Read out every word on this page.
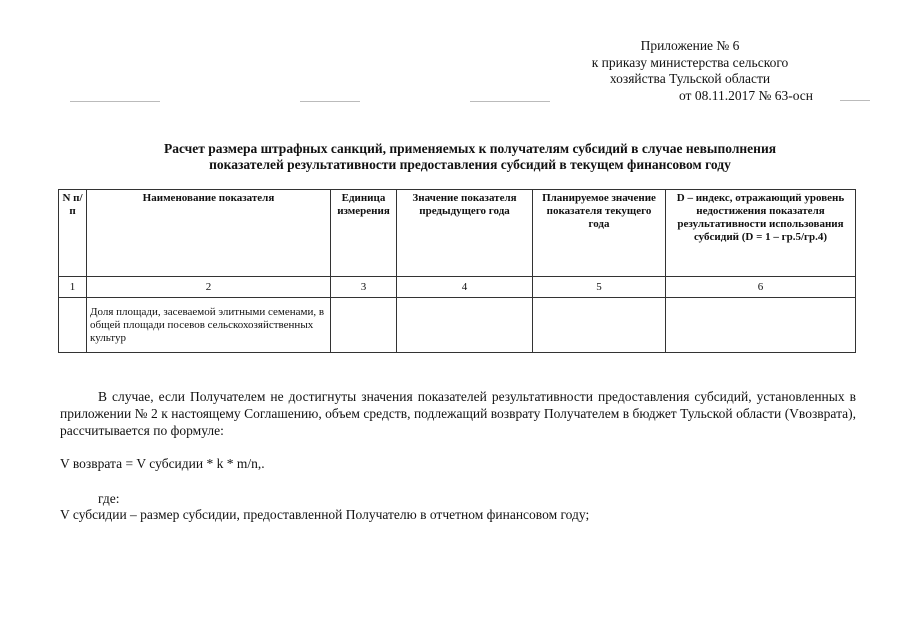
Приложение № 6
к приказу министерства сельского
хозяйства Тульской области
от 08.11.2017 № 63-осн
Расчет размера штрафных санкций, применяемых к получателям субсидий в случае невыполнения
показателей результативности предоставления субсидий в текущем финансовом году
N п/п	Наименование показателя	Единица измерения	Значение показателя предыдущего года	Планируемое значение показателя текущего года	D – индекс, отражающий уровень недостижения показателя результативности использования субсидий (D = 1 – гр.5/гр.4)
1	2	3	4	5	6
	Доля площади, засеваемой элитными семенами, в общей площади посевов сельскохозяйственных культур				
В случае, если Получателем не достигнуты значения показателей результативности предоставления субсидий, установленных в приложении № 2 к настоящему Соглашению, объем средств, подлежащий возврату Получателем в бюджет Тульской области (Vвозврата), рассчитывается по формуле:
V возврата = V субсидии * k * m/n,.
где:
V субсидии – размер субсидии, предоставленной Получателю в отчетном финансовом году;
